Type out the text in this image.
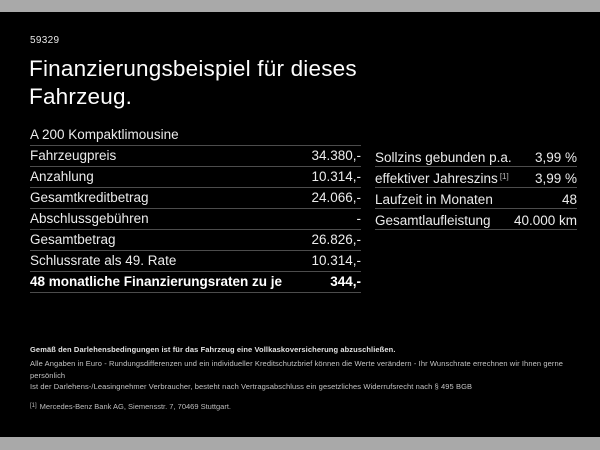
59329
Finanzierungsbeispiel für dieses Fahrzeug.
A 200 Kompaktlimousine
Fahrzeugpreis	34.380,-
Anzahlung	10.314,-
Gesamtkreditbetrag	24.066,-
Abschlussgebühren	-
Gesamtbetrag	26.826,-
Schlussrate als 49. Rate	10.314,-
48 monatliche Finanzierungsraten zu je	344,-
Sollzins gebunden p.a. 3,99 %
effektiver Jahreszins [1] 3,99 %
Laufzeit in Monaten	48
Gesamtlaufleistung 40.000 km

Gemäß den Darlehensbedingungen ist für das Fahrzeug eine Vollkaskoversicherung abzuschließen.

Alle Angaben in Euro - Rundungsdifferenzen und ein individueller Kreditschutzbrief können die Werte verändern - Ihr Wunschrate errechnen wir Ihnen gerne persönlich

Ist der Darlehens-/Leasingnehmer Verbraucher, besteht nach Vertragsabschluss ein gesetzliches Widerrufsrecht nach § 495 BGB

[1] Mercedes-Benz Bank AG, Siemensstr. 7, 70469 Stuttgart.
